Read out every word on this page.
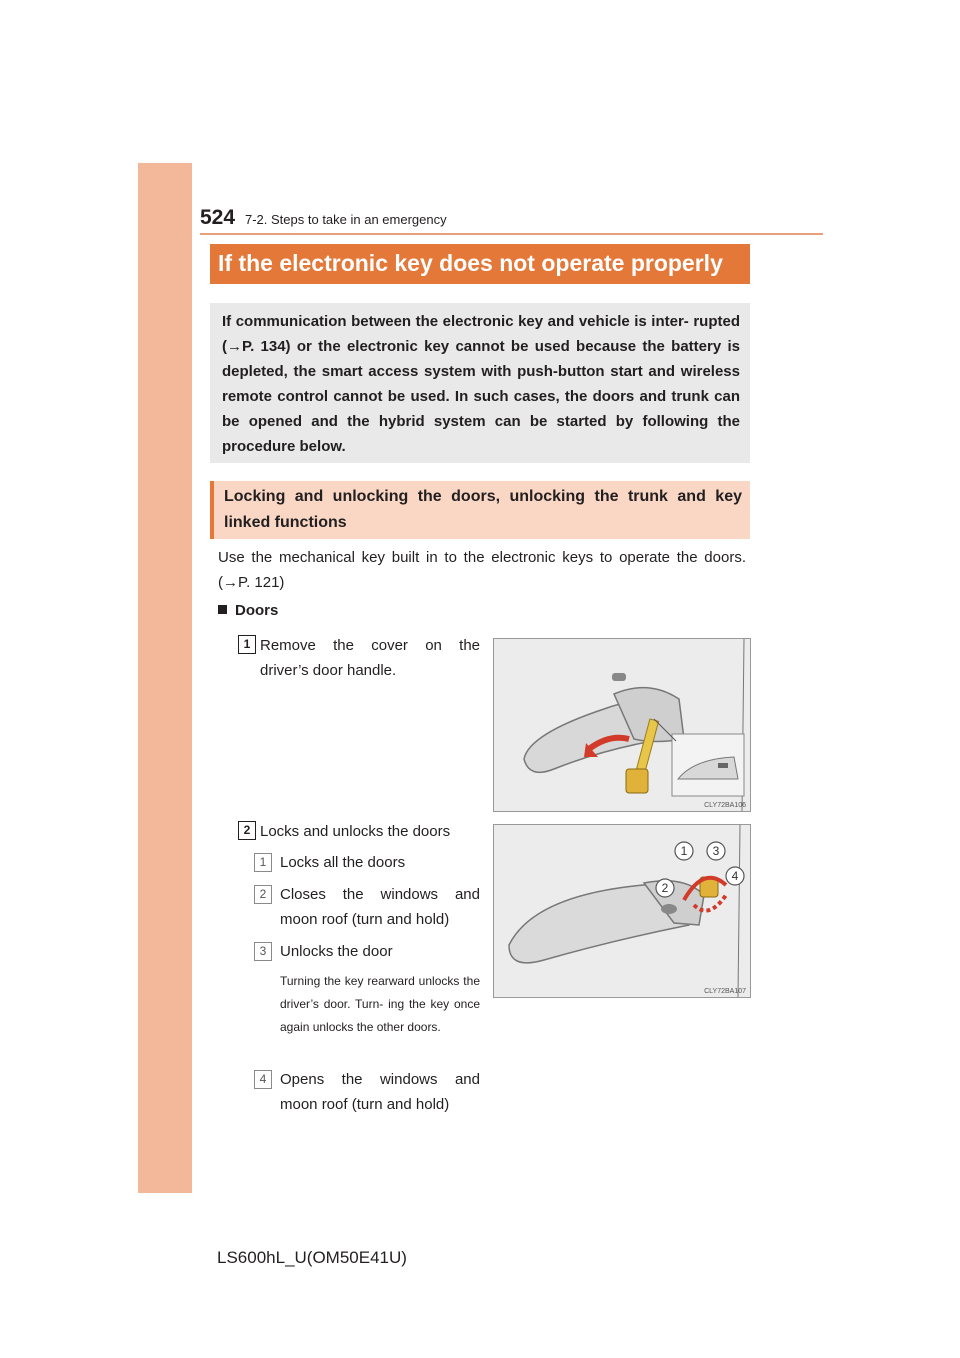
524 7-2. Steps to take in an emergency
If the electronic key does not operate properly
If communication between the electronic key and vehicle is inter- rupted (→P. 134) or the electronic key cannot be used because the battery is depleted, the smart access system with push-button start and wireless remote control cannot be used. In such cases, the doors and trunk can be opened and the hybrid system can be started by following the procedure below.
Locking and unlocking the doors, unlocking the trunk and key linked functions
Use the mechanical key built in to the electronic keys to operate the doors. (→P. 121)
Doors
1 Remove the cover on the driver’s door handle.
CLY72BA106
2 Locks and unlocks the doors
1 Locks all the doors
2 Closes the windows and moon roof (turn and hold)
3 Unlocks the door
Turning the key rearward unlocks the driver’s door. Turn- ing the key once again unlocks the other doors.
4 Opens the windows and moon roof (turn and hold)
1 3
2
4
CLY72BA107
LS600hL_U(OM50E41U)
